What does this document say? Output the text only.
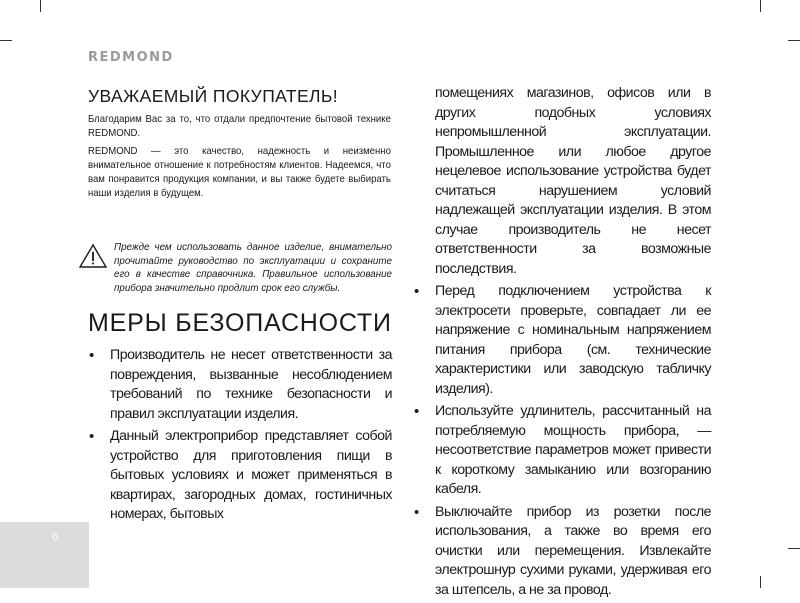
REDMOND
УВАЖАЕМЫЙ ПОКУПАТЕЛЬ!

Благодарим Вас за то, что отдали предпочтение бытовой технике REDMOND.

REDMOND — это качество, надежность и неизменно внимательное отношение к потребностям клиентов. Надеемся, что вам понравится продукция компании, и вы также будете выбирать наши изделия в будущем.

Прежде чем использовать данное изделие, внимательно прочитайте руководство по эксплуатации и сохраните его в качестве справочника. Правильное использование прибора значительно продлит срок его службы.
МЕРЫ БЕЗОПАСНОСТИ
• Производитель не несет ответственности за повреждения, вызванные несоблюдением требований по технике безопасности и правил эксплуатации изделия.
• Данный электроприбор представляет собой устройство для приготовления пищи в бытовых условиях и может применяться в квартирах, загородных домах, гостиничных номерах, бытовых

помещениях магазинов, офисов или в других подобных условиях непромышленной эксплуатации. Промышленное или любое другое нецелевое использование устройства будет считаться нарушением условий надлежащей эксплуатации изделия. В этом случае производитель не несет ответственности за возможные последствия.

• Перед подключением устройства к электросети проверьте, совпадает ли ее напряжение с номинальным напряжением питания прибора (см. технические характеристики или заводскую табличку изделия).
• Используйте удлинитель, рассчитанный на потребляемую мощность прибора, — несоответствие параметров может привести к короткому замыканию или возгоранию кабеля.
• Выключайте прибор из розетки после использования, а также во время его очистки или перемещения. Извлекайте электрошнур сухими руками, удерживая его за штепсель, а не за провод.
6
